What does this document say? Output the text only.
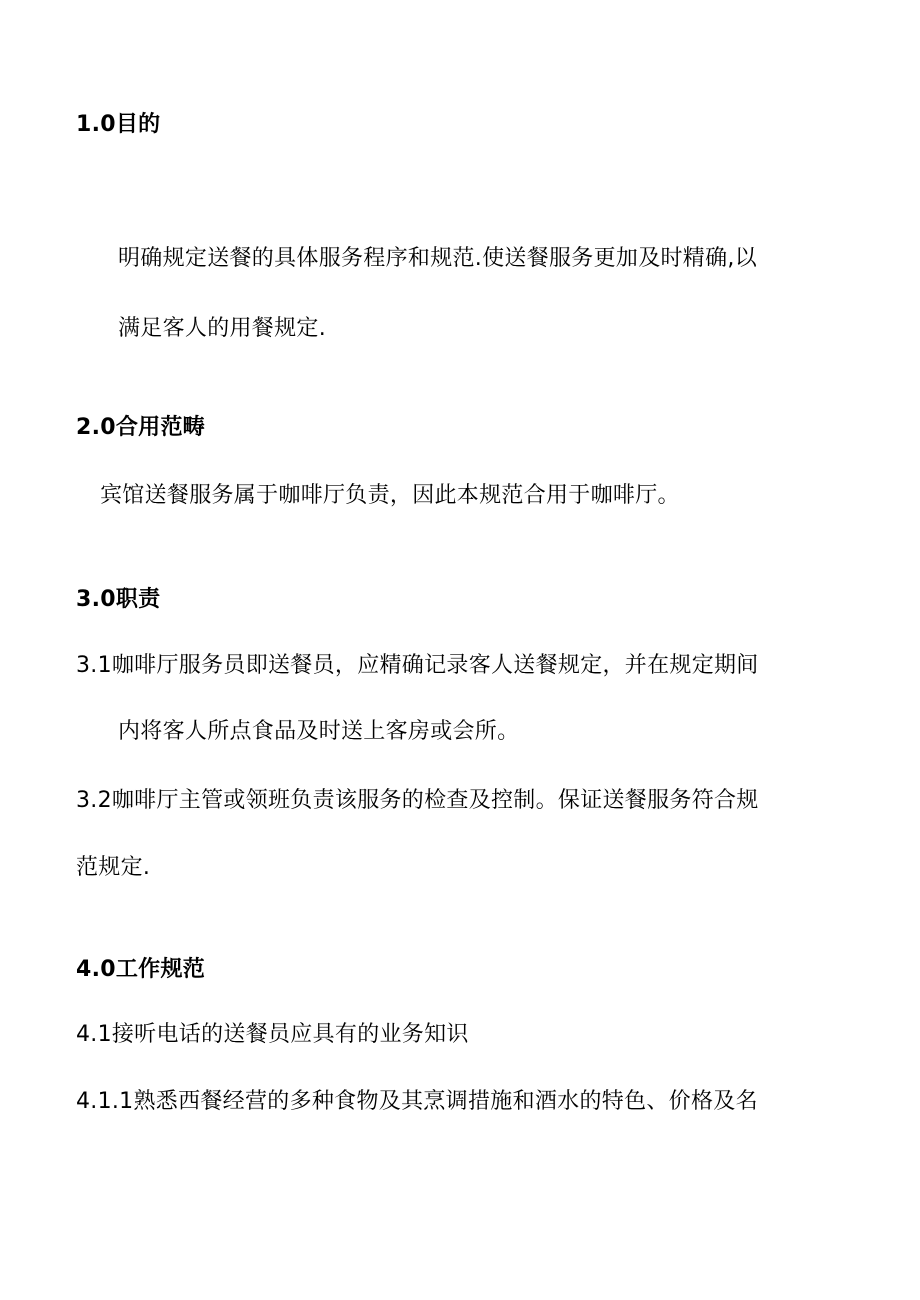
1.0目的
明确规定送餐的具体服务程序和规范.使送餐服务更加及时精确,以
满足客人的用餐规定.
2.0合用范畴
宾馆送餐服务属于咖啡厅负责，因此本规范合用于咖啡厅。
3.0职责
3.1咖啡厅服务员即送餐员，应精确记录客人送餐规定，并在规定期间
内将客人所点食品及时送上客房或会所。
3.2咖啡厅主管或领班负责该服务的检查及控制。保证送餐服务符合规
范规定.
4.0工作规范
4.1接听电话的送餐员应具有的业务知识
4.1.1熟悉西餐经营的多种食物及其烹调措施和酒水的特色、价格及名
